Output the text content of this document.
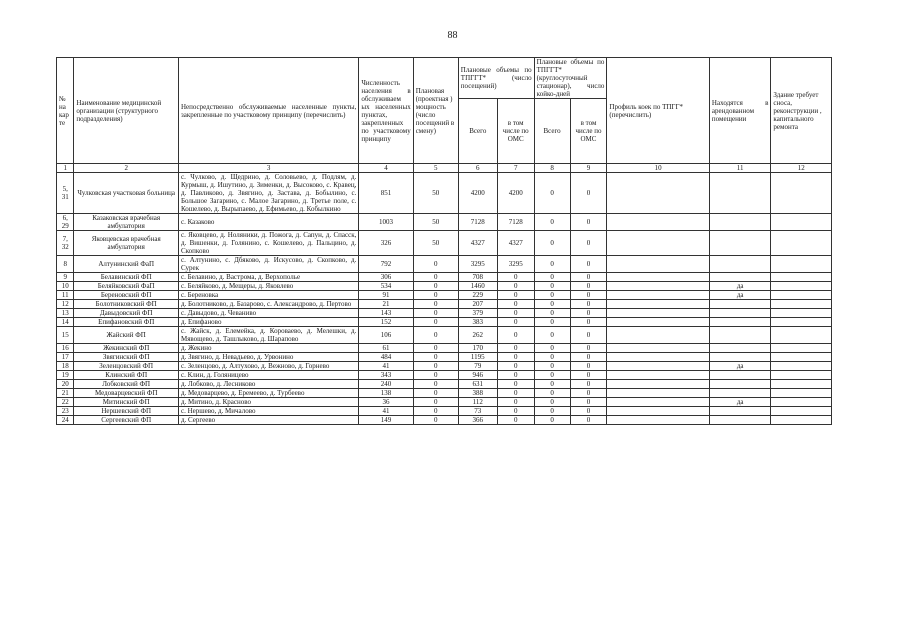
88
№ на кар те	Наименование медицинской организации (структурного подразделения)	Непосредственно обслуживаемые населенные пункты, закрепленные по участковому принципу (перечислить)	Численность населения в обслуживаем ых населенных пунктах, закрепленных по участковому принципу	Плановая (проектная ) мощность (число посещений в смену)	Плановые объемы по ТПГГТ* (число посещений)		Плановые объемы по ТПГГТ* (круглосуточный стационар), число койко-дней		Профиль коек по ТПГГ* (перечислить)	Находятся в арендованном помещении	Здание требует сноса, реконструкции , капитального ремонта
					Всего	в том числе по ОМС	Всего	в том числе по ОМС			
1	2	3	4	5	6	7	8	9	10	11	12
5, 31	Чулковская участковая больница	с. Чулково, д. Щедрино, д. Соловьево, д. Подлям, д. Курмыш, д. Ишутино, д. Зименки, д. Высоково, с. Кравец, д. Павликово, д. Звягино, д. Застава, д. Бобылино, с. Большое Загарино, с. Малое Загарино, д. Третье поле, с. Кошелево, д. Вырыпаево, д. Ефимьево, д. Кобылкино	851	50	4200	4200	0	0			
6, 29	Казаковская врачебная амбулатория	с. Казаково	1003	50	7128	7128	0	0			
7, 32	Яковцевская врачебная амбулатория	с. Яковцево, д. Ноляники, д. Пожога, д. Сапун, д. Спасск, д. Вишенки, д. Голянино, с. Кошелево, д. Пальцино, д. Скопково	326	50	4327	4327	0	0			
8	Алтунинский ФаП	с. Алтунино, с. Дбяково, д. Искусово, д. Скопково, д. Сурек	792	0	3295	3295	0	0			
9	Белавинский ФП	с. Белавино, д. Вастрома, д. Верхополье	306	0	708	0	0	0			
10	Беляйковский ФаП	с. Беляйково, д. Мещеры, д. Яковлево	534	0	1460	0	0	0		да	
11	Береновский ФП	с. Береновка	91	0	229	0	0	0		да	
12	Болотниковский ФП	д. Болотниково, д. Базарово, с. Александрово, д. Пертово	21	0	207	0	0	0			
13	Давыдовский ФП	с. Давыдово, д. Чеваниво	143	0	379	0	0	0			
14	Епифановский ФП	д. Епифаново	152	0	383	0	0	0			
15	Жайский ФП	с. Жайск, д. Елемейка, д. Короваево, д. Мелешки, д. Мявощево, д. Ташлыково, д. Шарапово	106	0	262	0	0	0			
16	Жекинский ФП	д. Жекино	61	0	170	0	0	0			
17	Звягинский ФП	д. Звягино, д. Невадьево, д. Урвонино	484	0	1195	0	0	0			
18	Зеленцовский ФП	с. Зеленцово, д. Алтухово, д. Вежново, д. Горнево	41	0	79	0	0	0		да	
19	Клинский ФП	с. Клин, д. Голяницево	343	0	946	0	0	0			
20	Лобковский ФП	д. Лобково, д. Лесниково	240	0	631	0	0	0			
21	Медоварцевский ФП	д. Медоварцево, д. Еремеево, д. Турбеево	138	0	388	0	0	0			
22	Митинский ФП	д. Митино, д. Красново	36	0	112	0	0	0		да	
23	Нершевский ФП	с. Нершево, д. Мичалово	41	0	73	0	0	0			
24	Сергеевский ФП	д. Сергеево	149	0	366	0	0	0			
